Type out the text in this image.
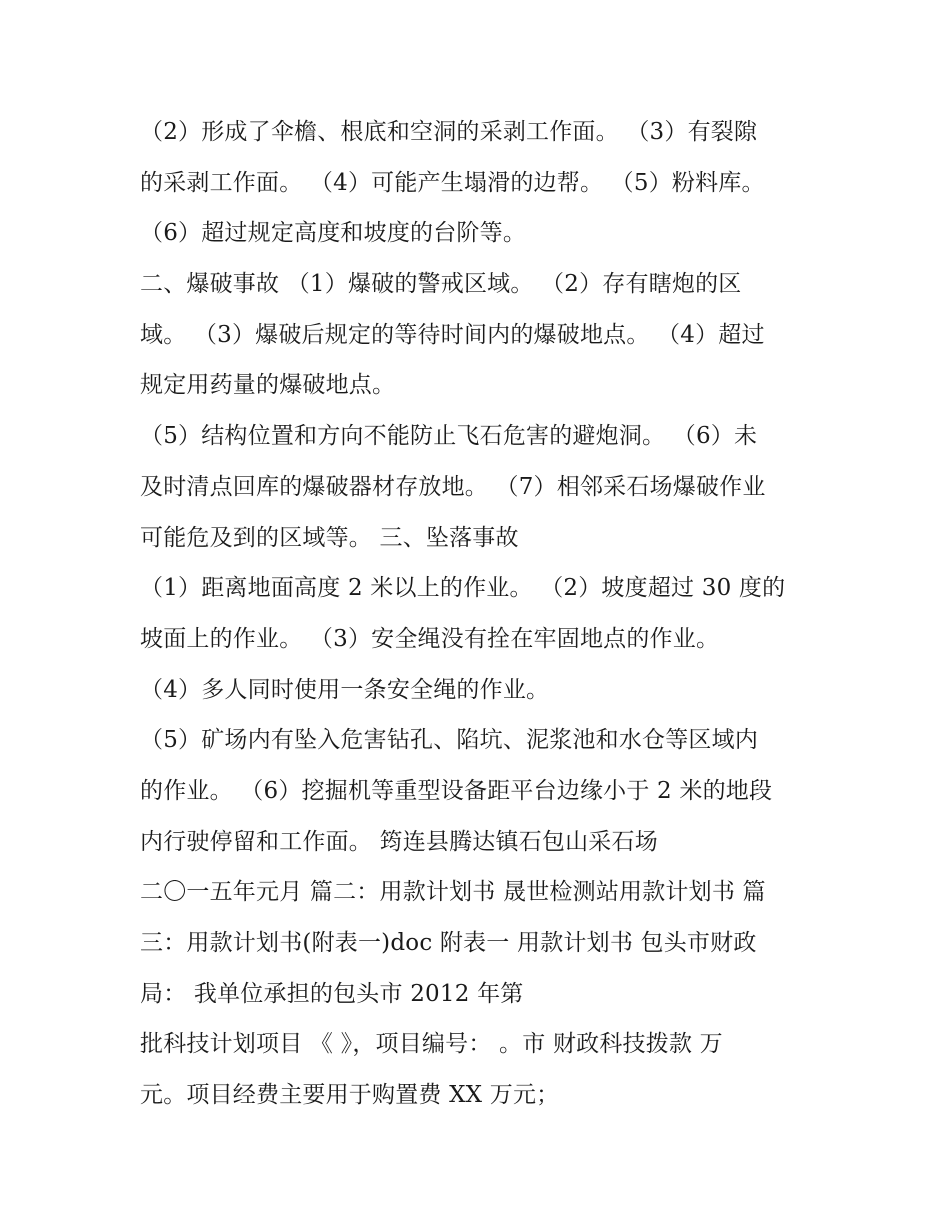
（2）形成了伞檐、根底和空洞的采剥工作面。 （3）有裂隙
的采剥工作面。 （4）可能产生塌滑的边帮。 （5）粉料库。
（6）超过规定高度和坡度的台阶等。
二、爆破事故 （1）爆破的警戒区域。 （2）存有瞎炮的区
域。 （3）爆破后规定的等待时间内的爆破地点。 （4）超过
规定用药量的爆破地点。
（5）结构位置和方向不能防止飞石危害的避炮洞。 （6）未
及时清点回库的爆破器材存放地。 （7）相邻采石场爆破作业
可能危及到的区域等。 三、坠落事故
（1）距离地面高度 2 米以上的作业。 （2）坡度超过 30 度的
坡面上的作业。 （3）安全绳没有拴在牢固地点的作业。
（4）多人同时使用一条安全绳的作业。
（5）矿场内有坠入危害钻孔、陷坑、泥浆池和水仓等区域内
的作业。 （6）挖掘机等重型设备距平台边缘小于 2 米的地段
内行驶停留和工作面。 筠连县腾达镇石包山采石场
二〇一五年元月 篇二：用款计划书 晟世检测站用款计划书 篇
三：用款计划书(附表一)doc 附表一 用款计划书 包头市财政
局： 我单位承担的包头市 2012 年第
批科技计划项目 《 》，项目编号： 。市 财政科技拨款 万
元。项目经费主要用于购置费 XX 万元；
